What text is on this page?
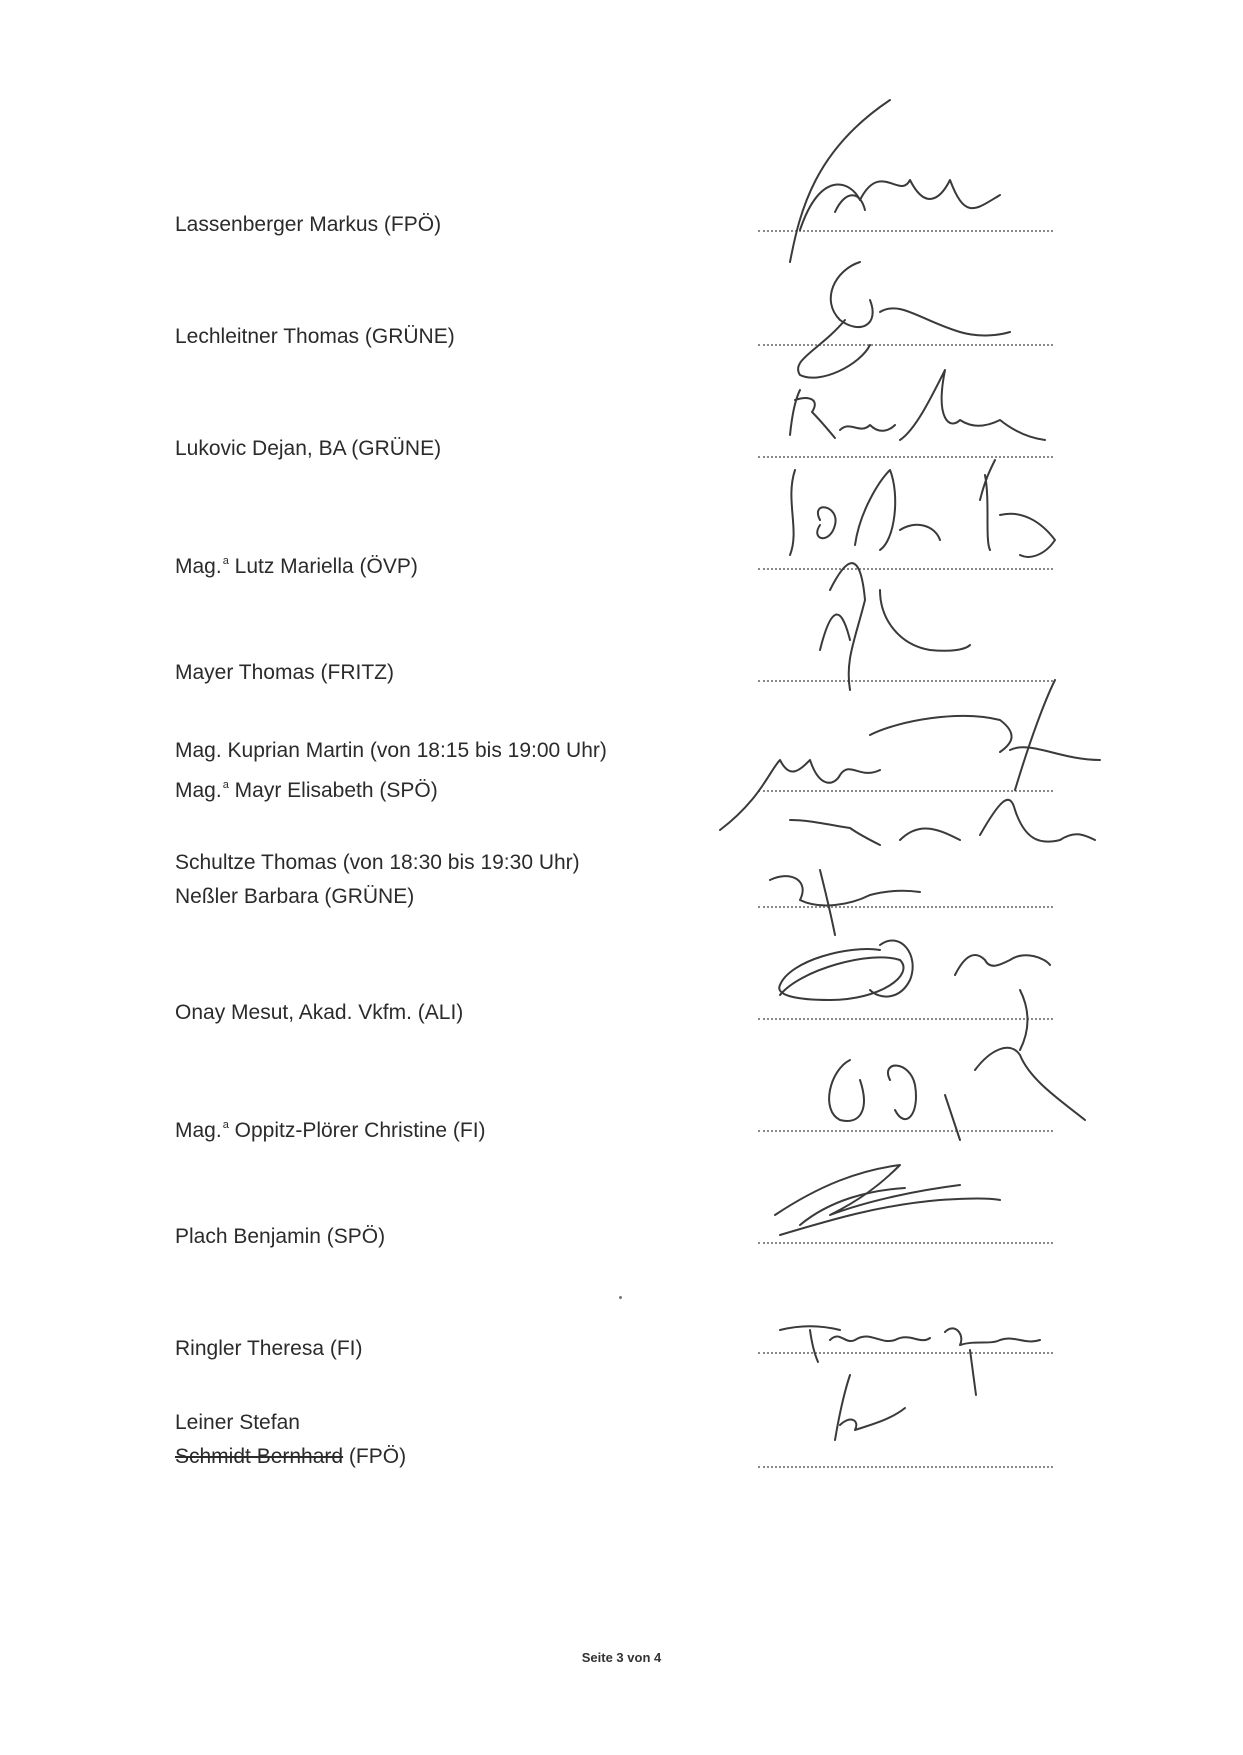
Lassenberger Markus (FPÖ)
Lechleitner Thomas (GRÜNE)
Lukovic Dejan, BA (GRÜNE)
Mag.$^a$ Lutz Mariella (ÖVP)
Mayer Thomas (FRITZ)
Mag. Kuprian Martin (von 18:15 bis 19:00 Uhr)
Mag.$^a$ Mayr Elisabeth (SPÖ)
Schultze Thomas (von 18:30 bis 19:30 Uhr)
Neßler Barbara (GRÜNE)
Onay Mesut, Akad. Vkfm. (ALI)
Mag.$^a$ Oppitz-Plörer Christine (FI)
Plach Benjamin (SPÖ)
Ringler Theresa (FI)
Leiner Stefan
Schmidt Bernhard (FPÖ)
Seite 3 von 4
